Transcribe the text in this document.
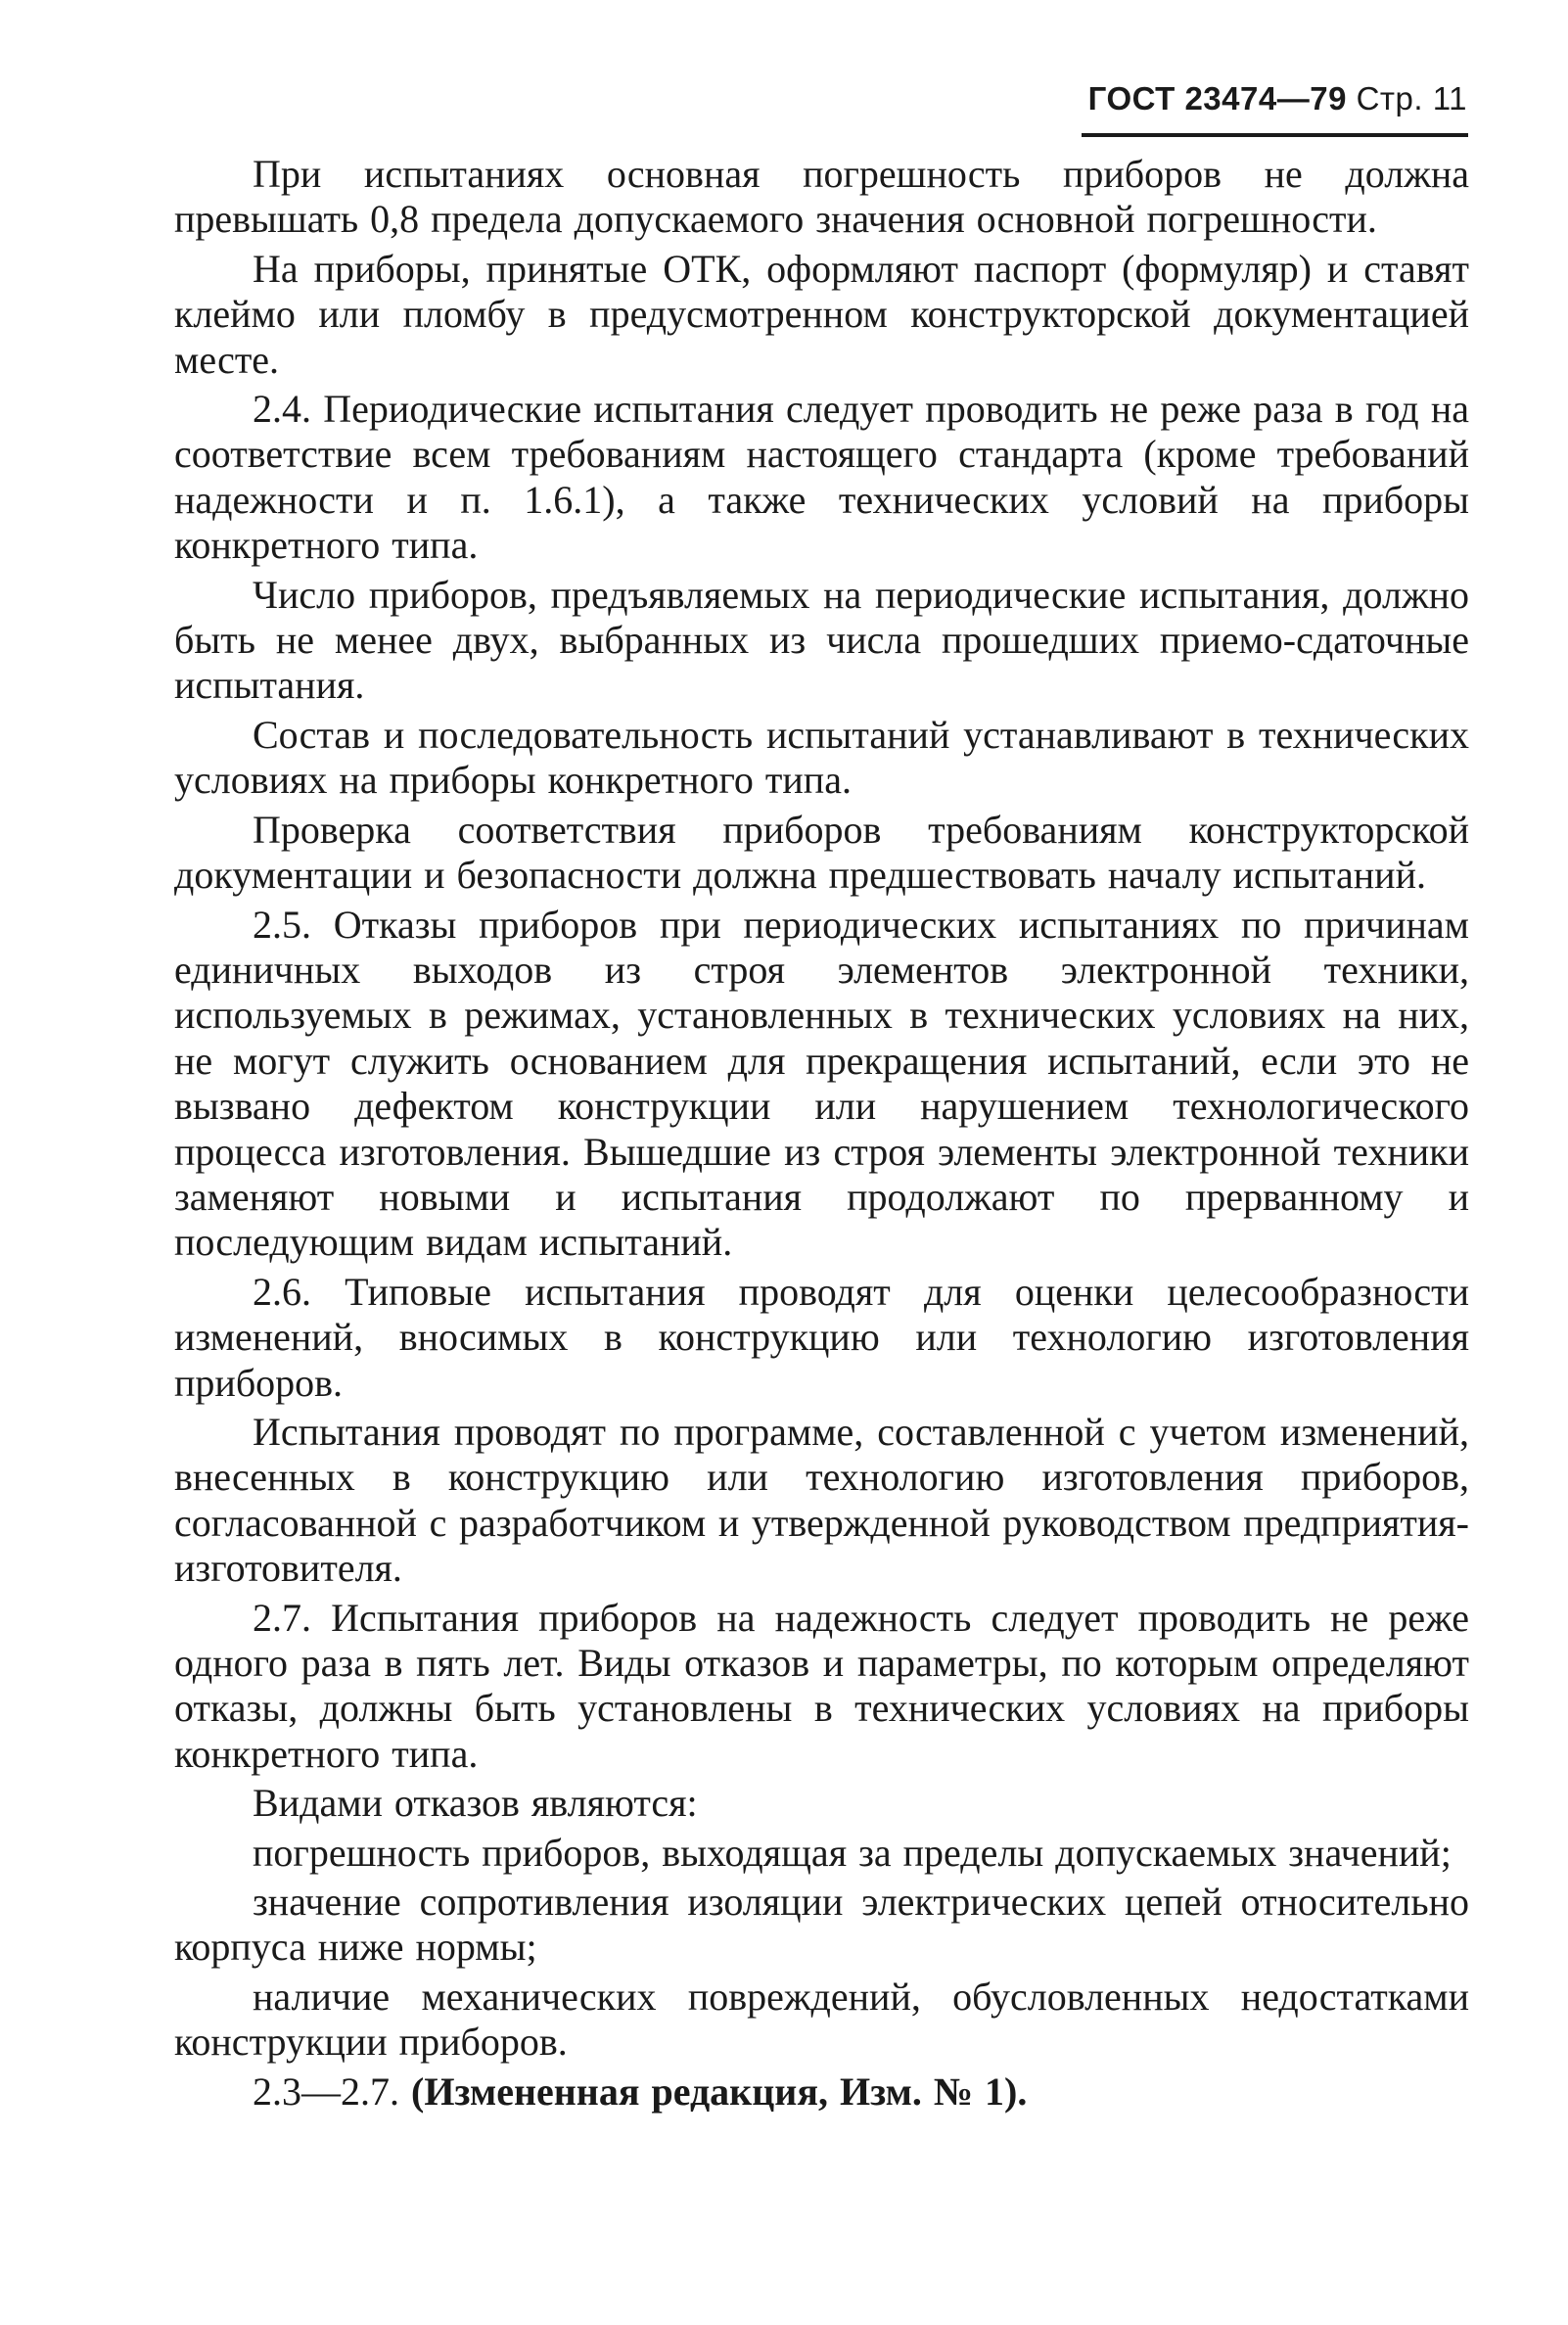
ГОСТ 23474—79 Стр. 11

При испытаниях основная погрешность приборов не должна превышать 0,8 предела допускаемого значения основной погрешности.

На приборы, принятые ОТК, оформляют паспорт (формуляр) и ставят клеймо или пломбу в предусмотренном конструкторской документацией месте.

2.4. Периодические испытания следует проводить не реже раза в год на соответствие всем требованиям настоящего стандарта (кроме требований надежности и п. 1.6.1), а также технических условий на приборы конкретного типа.

Число приборов, предъявляемых на периодические испытания, должно быть не менее двух, выбранных из числа прошедших приемо-сдаточные испытания.

Состав и последовательность испытаний устанавливают в технических условиях на приборы конкретного типа.

Проверка соответствия приборов требованиям конструкторской документации и безопасности должна предшествовать началу испытаний.

2.5. Отказы приборов при периодических испытаниях по причинам единичных выходов из строя элементов электронной техники, используемых в режимах, установленных в технических условиях на них, не могут служить основанием для прекращения испытаний, если это не вызвано дефектом конструкции или нарушением технологического процесса изготовления. Вышедшие из строя элементы электронной техники заменяют новыми и испытания продолжают по прерванному и последующим видам испытаний.

2.6. Типовые испытания проводят для оценки целесообразности изменений, вносимых в конструкцию или технологию изготовления приборов.

Испытания проводят по программе, составленной с учетом изменений, внесенных в конструкцию или технологию изготовления приборов, согласованной с разработчиком и утвержденной руководством предприятия-изготовителя.

2.7. Испытания приборов на надежность следует проводить не реже одного раза в пять лет. Виды отказов и параметры, по которым определяют отказы, должны быть установлены в технических условиях на приборы конкретного типа.

Видами отказов являются:

погрешность приборов, выходящая за пределы допускаемых значений;

значение сопротивления изоляции электрических цепей относительно корпуса ниже нормы;

наличие механических повреждений, обусловленных недостатками конструкции приборов.

2.3—2.7. (Измененная редакция, Изм. № 1).
